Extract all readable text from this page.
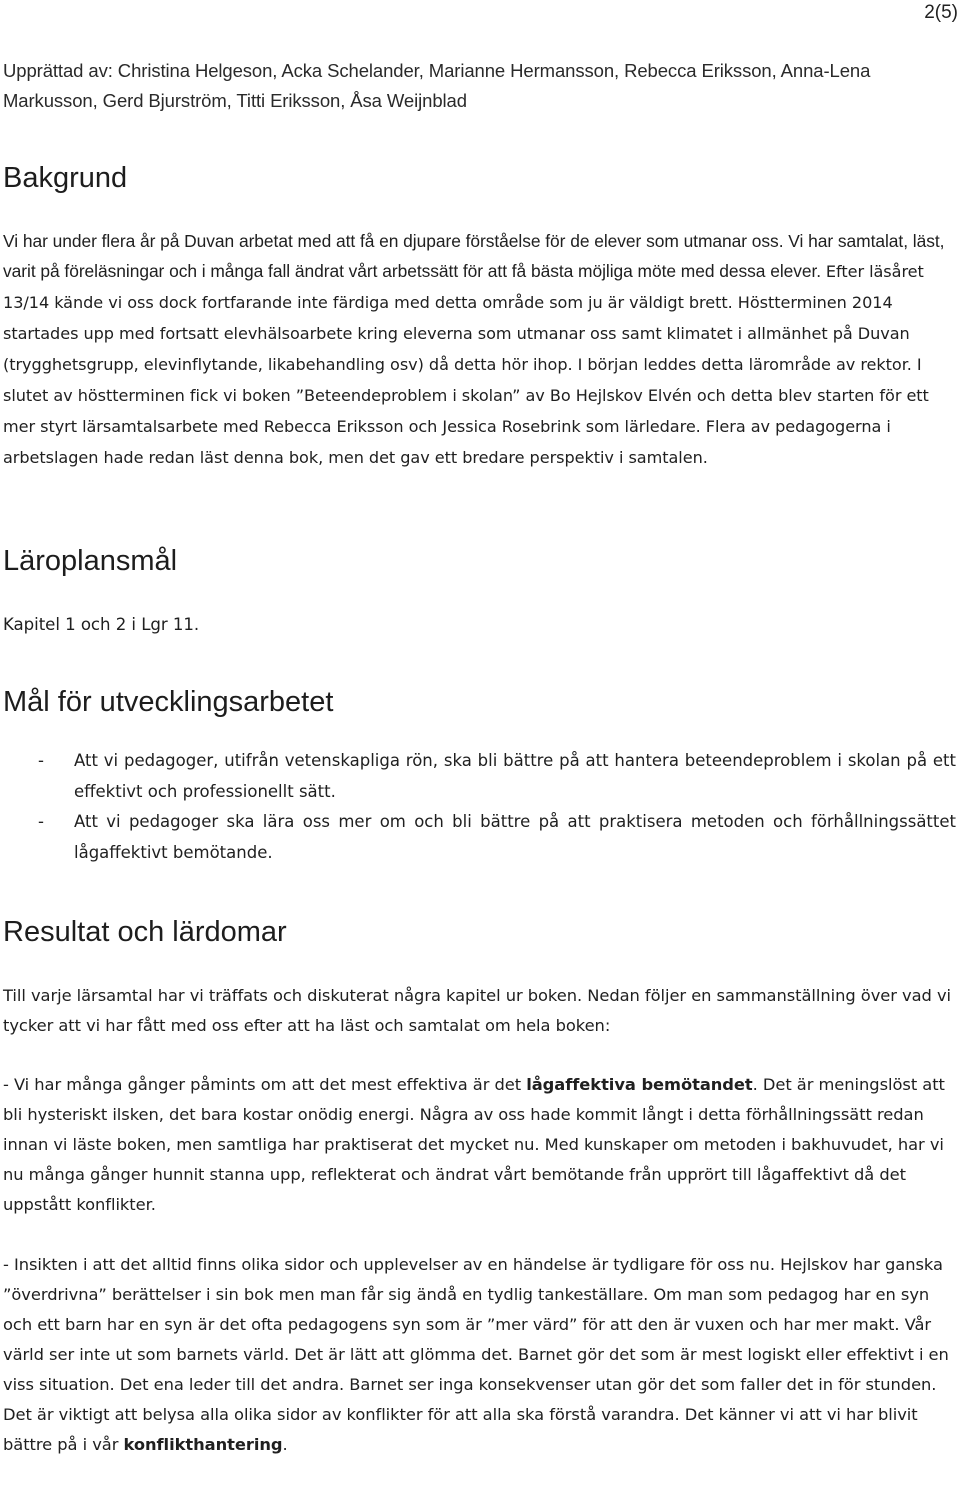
2(5)
Upprättad av: Christina Helgeson, Acka Schelander, Marianne Hermansson, Rebecca Eriksson, Anna-Lena Markusson, Gerd Bjurström, Titti Eriksson, Åsa Weijnblad
Bakgrund

Vi har under flera år på Duvan arbetat med att få en djupare förståelse för de elever som utmanar oss. Vi har samtalat, läst, varit på föreläsningar och i många fall ändrat vårt arbetssätt för att få bästa möjliga möte med dessa elever. Efter läsåret 13/14 kände vi oss dock fortfarande inte färdiga med detta område som ju är väldigt brett. Höstterminen 2014 startades upp med fortsatt elevhälsoarbete kring eleverna som utmanar oss samt klimatet i allmänhet på Duvan (trygghetsgrupp, elevinflytande, likabehandling osv) då detta hör ihop. I början leddes detta lärområde av rektor. I slutet av höstterminen fick vi boken ”Beteendeproblem i skolan” av Bo Hejlskov Elvén och detta blev starten för ett mer styrt lärsamtalsarbete med Rebecca Eriksson och Jessica Rosebrink som lärledare. Flera av pedagogerna i arbetslagen hade redan läst denna bok, men det gav ett bredare perspektiv i samtalen.

Läroplansmål

Kapitel 1 och 2 i Lgr 11.

Mål för utvecklingsarbetet
- Att vi pedagoger, utifrån vetenskapliga rön, ska bli bättre på att hantera beteendeproblem i skolan på ett effektivt och professionellt sätt.
- Att vi pedagoger ska lära oss mer om och bli bättre på att praktisera metoden och förhållningssättet lågaffektivt bemötande.
Resultat och lärdomar

Till varje lärsamtal har vi träffats och diskuterat några kapitel ur boken. Nedan följer en sammanställning över vad vi tycker att vi har fått med oss efter att ha läst och samtalat om hela boken:

- Vi har många gånger påmints om att det mest effektiva är det lågaffektiva bemötandet. Det är meningslöst att bli hysteriskt ilsken, det bara kostar onödig energi. Några av oss hade kommit långt i detta förhållningssätt redan innan vi läste boken, men samtliga har praktiserat det mycket nu. Med kunskaper om metoden i bakhuvudet, har vi nu många gånger hunnit stanna upp, reflekterat och ändrat vårt bemötande från upprört till lågaffektivt då det uppstått konflikter.

- Insikten i att det alltid finns olika sidor och upplevelser av en händelse är tydligare för oss nu. Hejlskov har ganska ”överdrivna” berättelser i sin bok men man får sig ändå en tydlig tankeställare. Om man som pedagog har en syn och ett barn har en syn är det ofta pedagogens syn som är ”mer värd” för att den är vuxen och har mer makt. Vår värld ser inte ut som barnets värld. Det är lätt att glömma det. Barnet gör det som är mest logiskt eller effektivt i en viss situation. Det ena leder till det andra. Barnet ser inga konsekvenser utan gör det som faller det in för stunden. Det är viktigt att belysa alla olika sidor av konflikter för att alla ska förstå varandra. Det känner vi att vi har blivit bättre på i vår konflikthantering.
